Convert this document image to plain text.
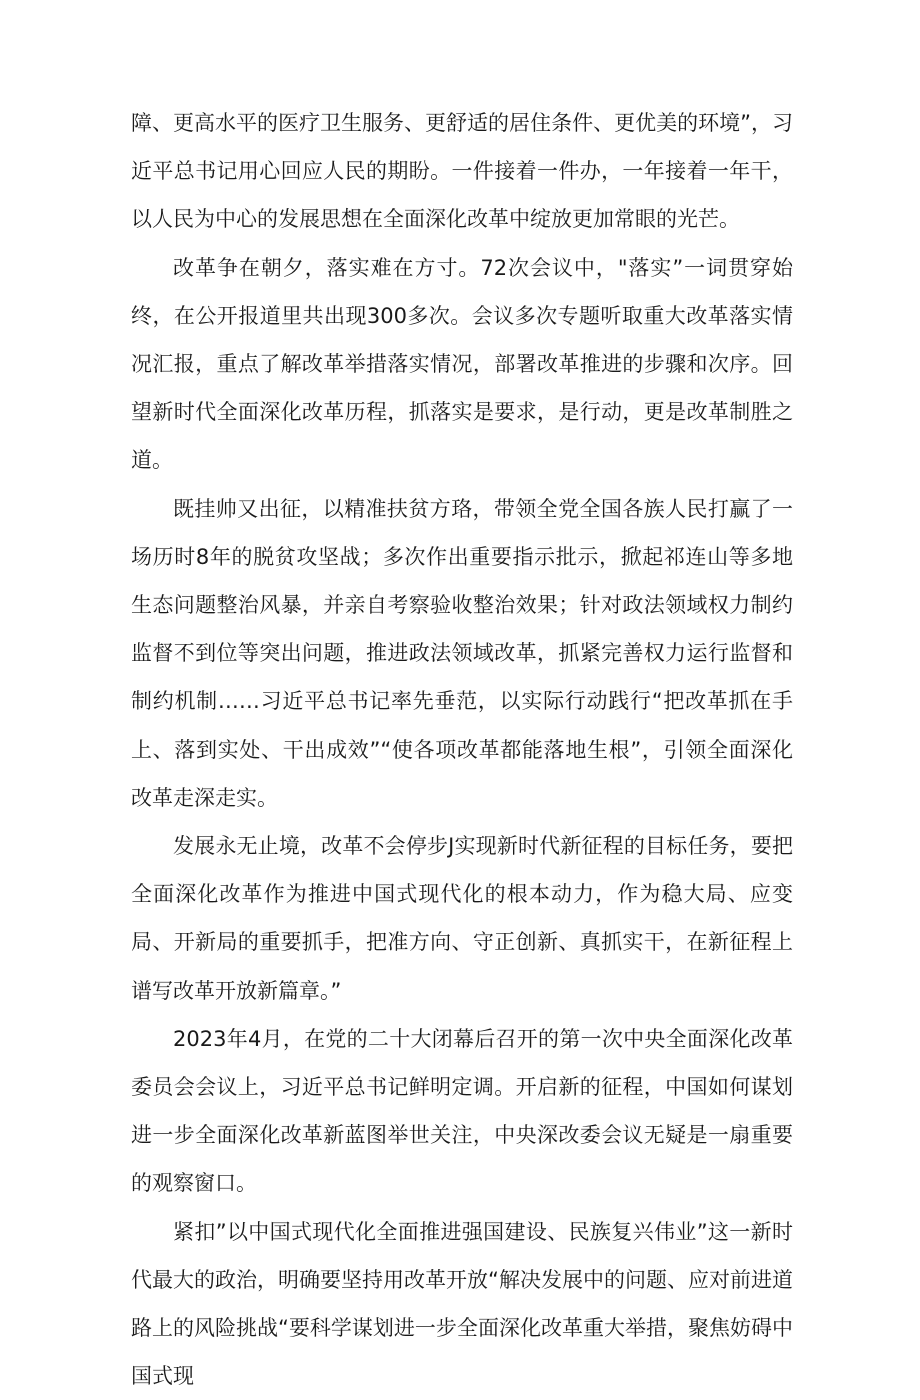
障、更高水平的医疗卫生服务、更舒适的居住条件、更优美的环境”，习近平总书记用心回应人民的期盼。一件接着一件办，一年接着一年干，以人民为中心的发展思想在全面深化改革中绽放更加常眼的光芒。

改革争在朝夕，落实难在方寸。72次会议中，"落实”一词贯穿始终，在公开报道里共出现300多次。会议多次专题听取重大改革落实情况汇报，重点了解改革举措落实情况，部署改革推进的步骤和次序。回望新时代全面深化改革历程，抓落实是要求，是行动，更是改革制胜之道。

既挂帅又出征，以精准扶贫方珞，带领全党全国各族人民打赢了一场历时8年的脱贫攻坚战；多次作出重要指示批示，掀起祁连山等多地生态问题整治风暴，并亲自考察验收整治效果；针对政法领域权力制约监督不到位等突出问题，推进政法领域改革，抓紧完善权力运行监督和制约机制……习近平总书记率先垂范，以实际行动践行“把改革抓在手上、落到实处、干出成效”“使各项改革都能落地生根”，引领全面深化改革走深走实。

发展永无止境，改革不会停步J实现新时代新征程的目标任务，要把全面深化改革作为推进中国式现代化的根本动力，作为稳大局、应变局、开新局的重要抓手，把准方向、守正创新、真抓实干，在新征程上谱写改革开放新篇章。”

2023年4月，在党的二十大闭幕后召开的第一次中央全面深化改革委员会会议上，习近平总书记鲜明定调。开启新的征程，中国如何谋划进一步全面深化改革新蓝图举世关注，中央深改委会议无疑是一扇重要的观察窗口。

紧扣”以中国式现代化全面推进强国建设、民族复兴伟业”这一新时代最大的政治，明确要坚持用改革开放“解决发展中的问题、应对前进道路上的风险挑战“要科学谋划进一步全面深化改革重大举措，聚焦妨碍中国式现
